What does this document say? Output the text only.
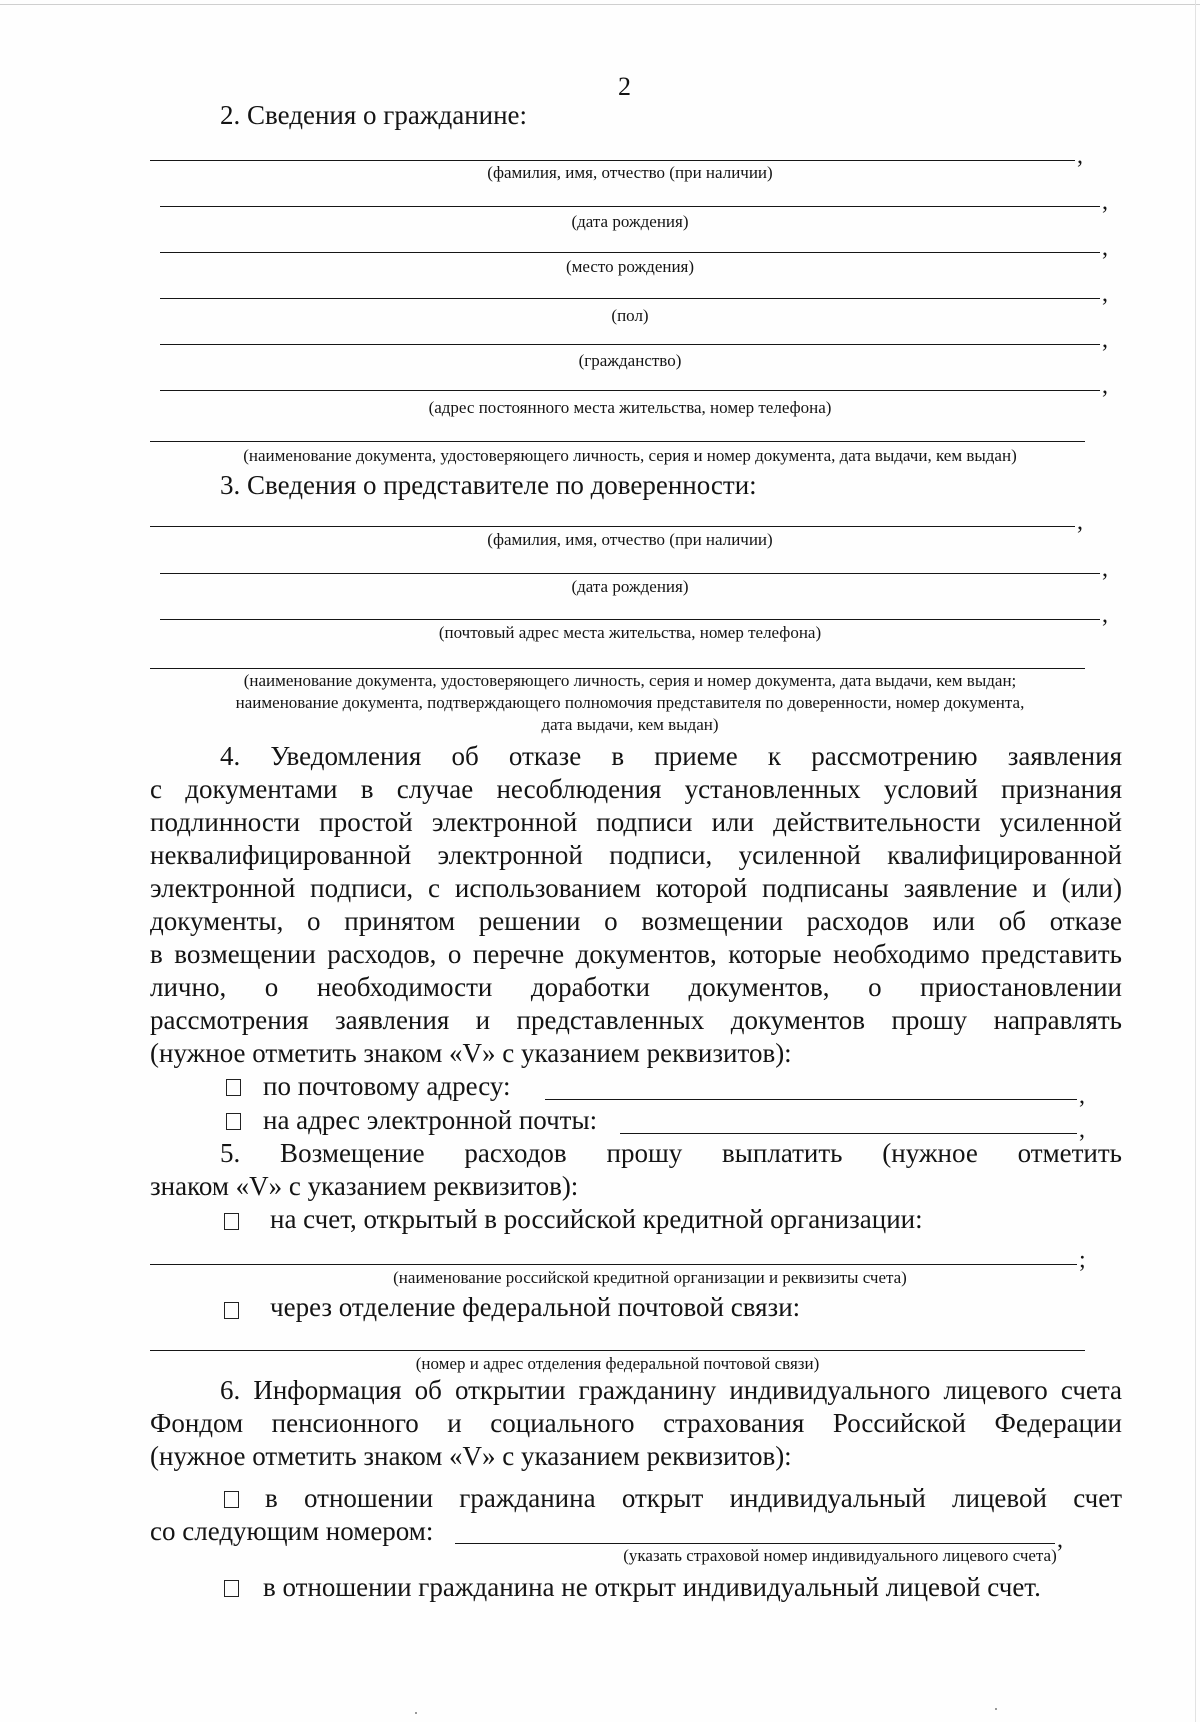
2
2. Сведения о гражданине:
,
(фамилия, имя, отчество (при наличии)
,
(дата рождения)
,
(место рождения)
,
(пол)
,
(гражданство)
,
(адрес постоянного места жительства, номер телефона)
(наименование документа, удостоверяющего личность, серия и номер документа, дата выдачи, кем выдан)
3. Сведения о представителе по доверенности:
,
(фамилия, имя, отчество (при наличии)
,
(дата рождения)
,
(почтовый адрес места жительства, номер телефона)
(наименование документа, удостоверяющего личность, серия и номер документа, дата выдачи, кем выдан;
наименование документа, подтверждающего полномочия представителя по доверенности, номер документа,
дата выдачи, кем выдан)
4. Уведомления об отказе в приеме к рассмотрению заявления
с документами в случае несоблюдения установленных условий признания
подлинности простой электронной подписи или действительности усиленной
неквалифицированной электронной подписи, усиленной квалифицированной
электронной подписи, с использованием которой подписаны заявление и (или)
документы, о принятом решении о возмещении расходов или об отказе
в возмещении расходов, о перечне документов, которые необходимо представить
лично, о необходимости доработки документов, о приостановлении
рассмотрения заявления и представленных документов прошу направлять
(нужное отметить знаком «V» с указанием реквизитов):
по почтовому адресу:	,
на адрес электронной почты:	,
5. Возмещение расходов прошу выплатить (нужное отметить
знаком «V» с указанием реквизитов):
на счет, открытый в российской кредитной организации:
;
(наименование российской кредитной организации и реквизиты счета)
через отделение федеральной почтовой связи:
(номер и адрес отделения федеральной почтовой связи)
6. Информация об открытии гражданину индивидуального лицевого счета
Фондом пенсионного и социального страхования Российской Федерации
(нужное отметить знаком «V» с указанием реквизитов):
в отношении гражданина открыт индивидуальный лицевой счет
со следующим номером:	,
(указать страховой номер индивидуального лицевого счета)
в отношении гражданина не открыт индивидуальный лицевой счет.
